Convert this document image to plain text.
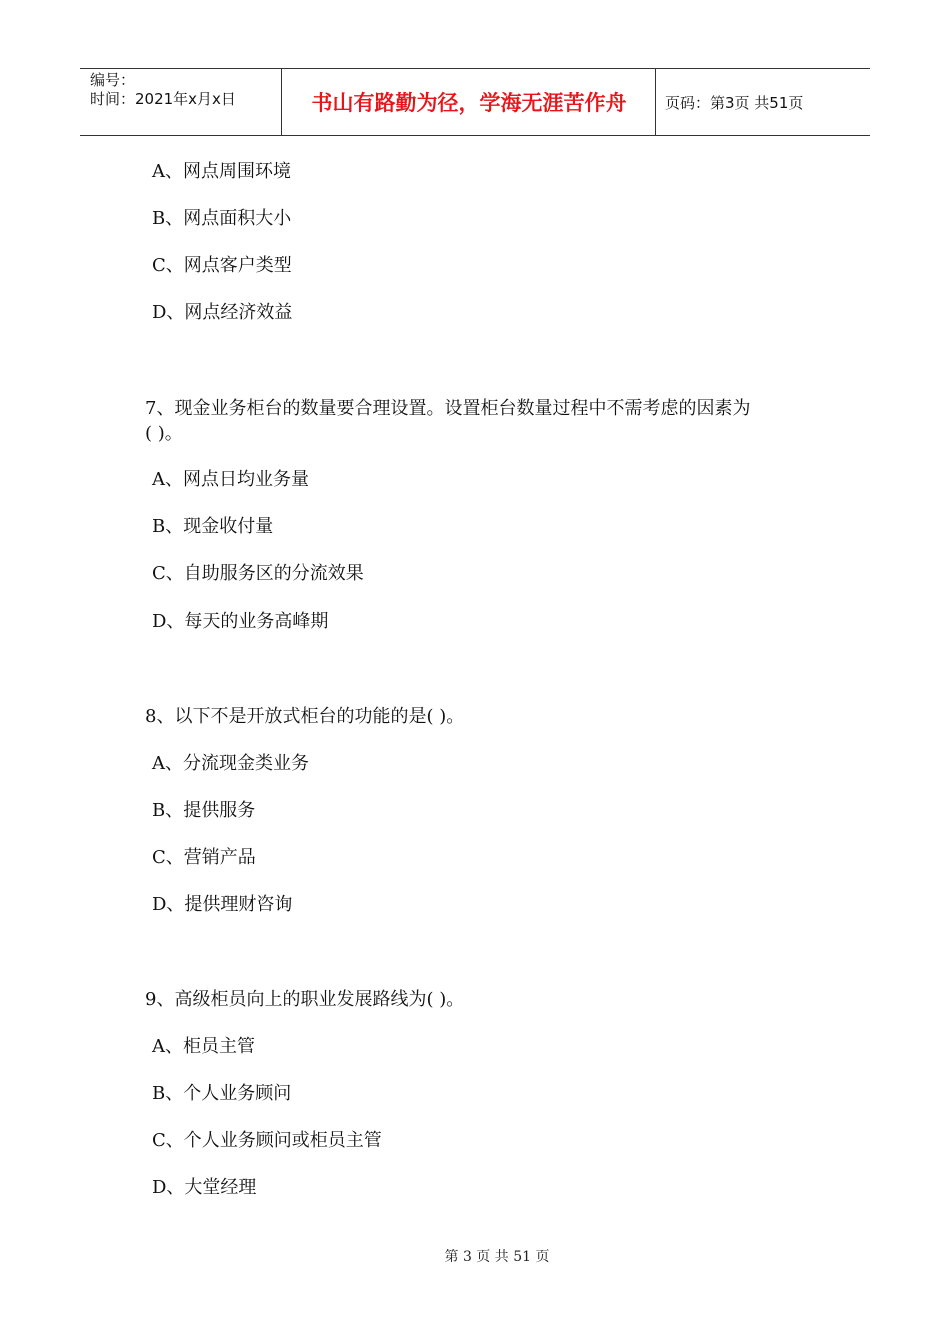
编号：
时间：2021年x月x日	书山有路勤为径，学海无涯苦作舟	页码：第3页 共51页
A、网点周围环境
B、网点面积大小
C、网点客户类型
D、网点经济效益
7、现金业务柜台的数量要合理设置。设置柜台数量过程中不需考虑的因素为
( )。
A、网点日均业务量
B、现金收付量
C、自助服务区的分流效果
D、每天的业务高峰期
8、以下不是开放式柜台的功能的是( )。
A、分流现金类业务
B、提供服务
C、营销产品
D、提供理财咨询
9、高级柜员向上的职业发展路线为( )。
A、柜员主管
B、个人业务顾问
C、个人业务顾问或柜员主管
D、大堂经理
第 3 页 共 51 页
